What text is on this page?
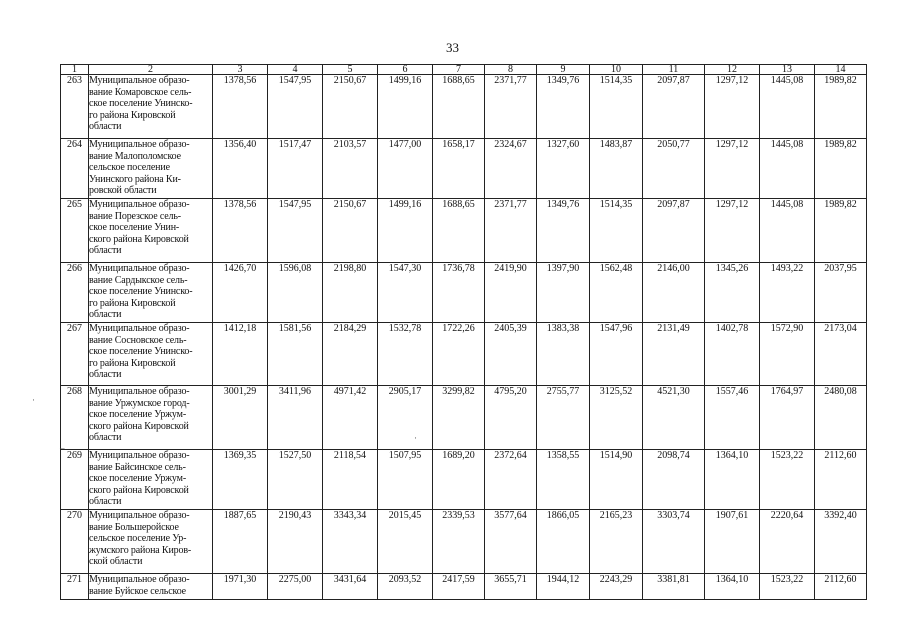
33
1	2	3	4	5	6	7	8	9	10	11	12	13	14
263	Муниципальное образо-
вание Комаровское сель-
ское поселение Унинско-
го района Кировской
области	1378,56	1547,95	2150,67	1499,16	1688,65	2371,77	1349,76	1514,35	2097,87	1297,12	1445,08	1989,82
264	Муниципальное образо-
вание Малополомское
сельское поселение
Унинского района Ки-
ровской области	1356,40	1517,47	2103,57	1477,00	1658,17	2324,67	1327,60	1483,87	2050,77	1297,12	1445,08	1989,82
265	Муниципальное образо-
вание Порезское сель-
ское поселение Унин-
ского района Кировской
области	1378,56	1547,95	2150,67	1499,16	1688,65	2371,77	1349,76	1514,35	2097,87	1297,12	1445,08	1989,82
266	Муниципальное образо-
вание Сардыкское сель-
ское поселение Унинско-
го района Кировской
области	1426,70	1596,08	2198,80	1547,30	1736,78	2419,90	1397,90	1562,48	2146,00	1345,26	1493,22	2037,95
267	Муниципальное образо-
вание Сосновское сель-
ское поселение Унинско-
го района Кировской
области	1412,18	1581,56	2184,29	1532,78	1722,26	2405,39	1383,38	1547,96	2131,49	1402,78	1572,90	2173,04
268	Муниципальное образо-
вание Уржумское город-
ское поселение Уржум-
ского района Кировской
области	3001,29	3411,96	4971,42	2905,17	3299,82	4795,20	2755,77	3125,52	4521,30	1557,46	1764,97	2480,08
269	Муниципальное образо-
вание Байсинское сель-
ское поселение Уржум-
ского района Кировской
области	1369,35	1527,50	2118,54	1507,95	1689,20	2372,64	1358,55	1514,90	2098,74	1364,10	1523,22	2112,60
270	Муниципальное образо-
вание Большеройское
сельское поселение Ур-
жумского района Киров-
ской области	1887,65	2190,43	3343,34	2015,45	2339,53	3577,64	1866,05	2165,23	3303,74	1907,61	2220,64	3392,40
271	Муниципальное образо-
вание Буйское сельское	1971,30	2275,00	3431,64	2093,52	2417,59	3655,71	1944,12	2243,29	3381,81	1364,10	1523,22	2112,60
·
–
·
